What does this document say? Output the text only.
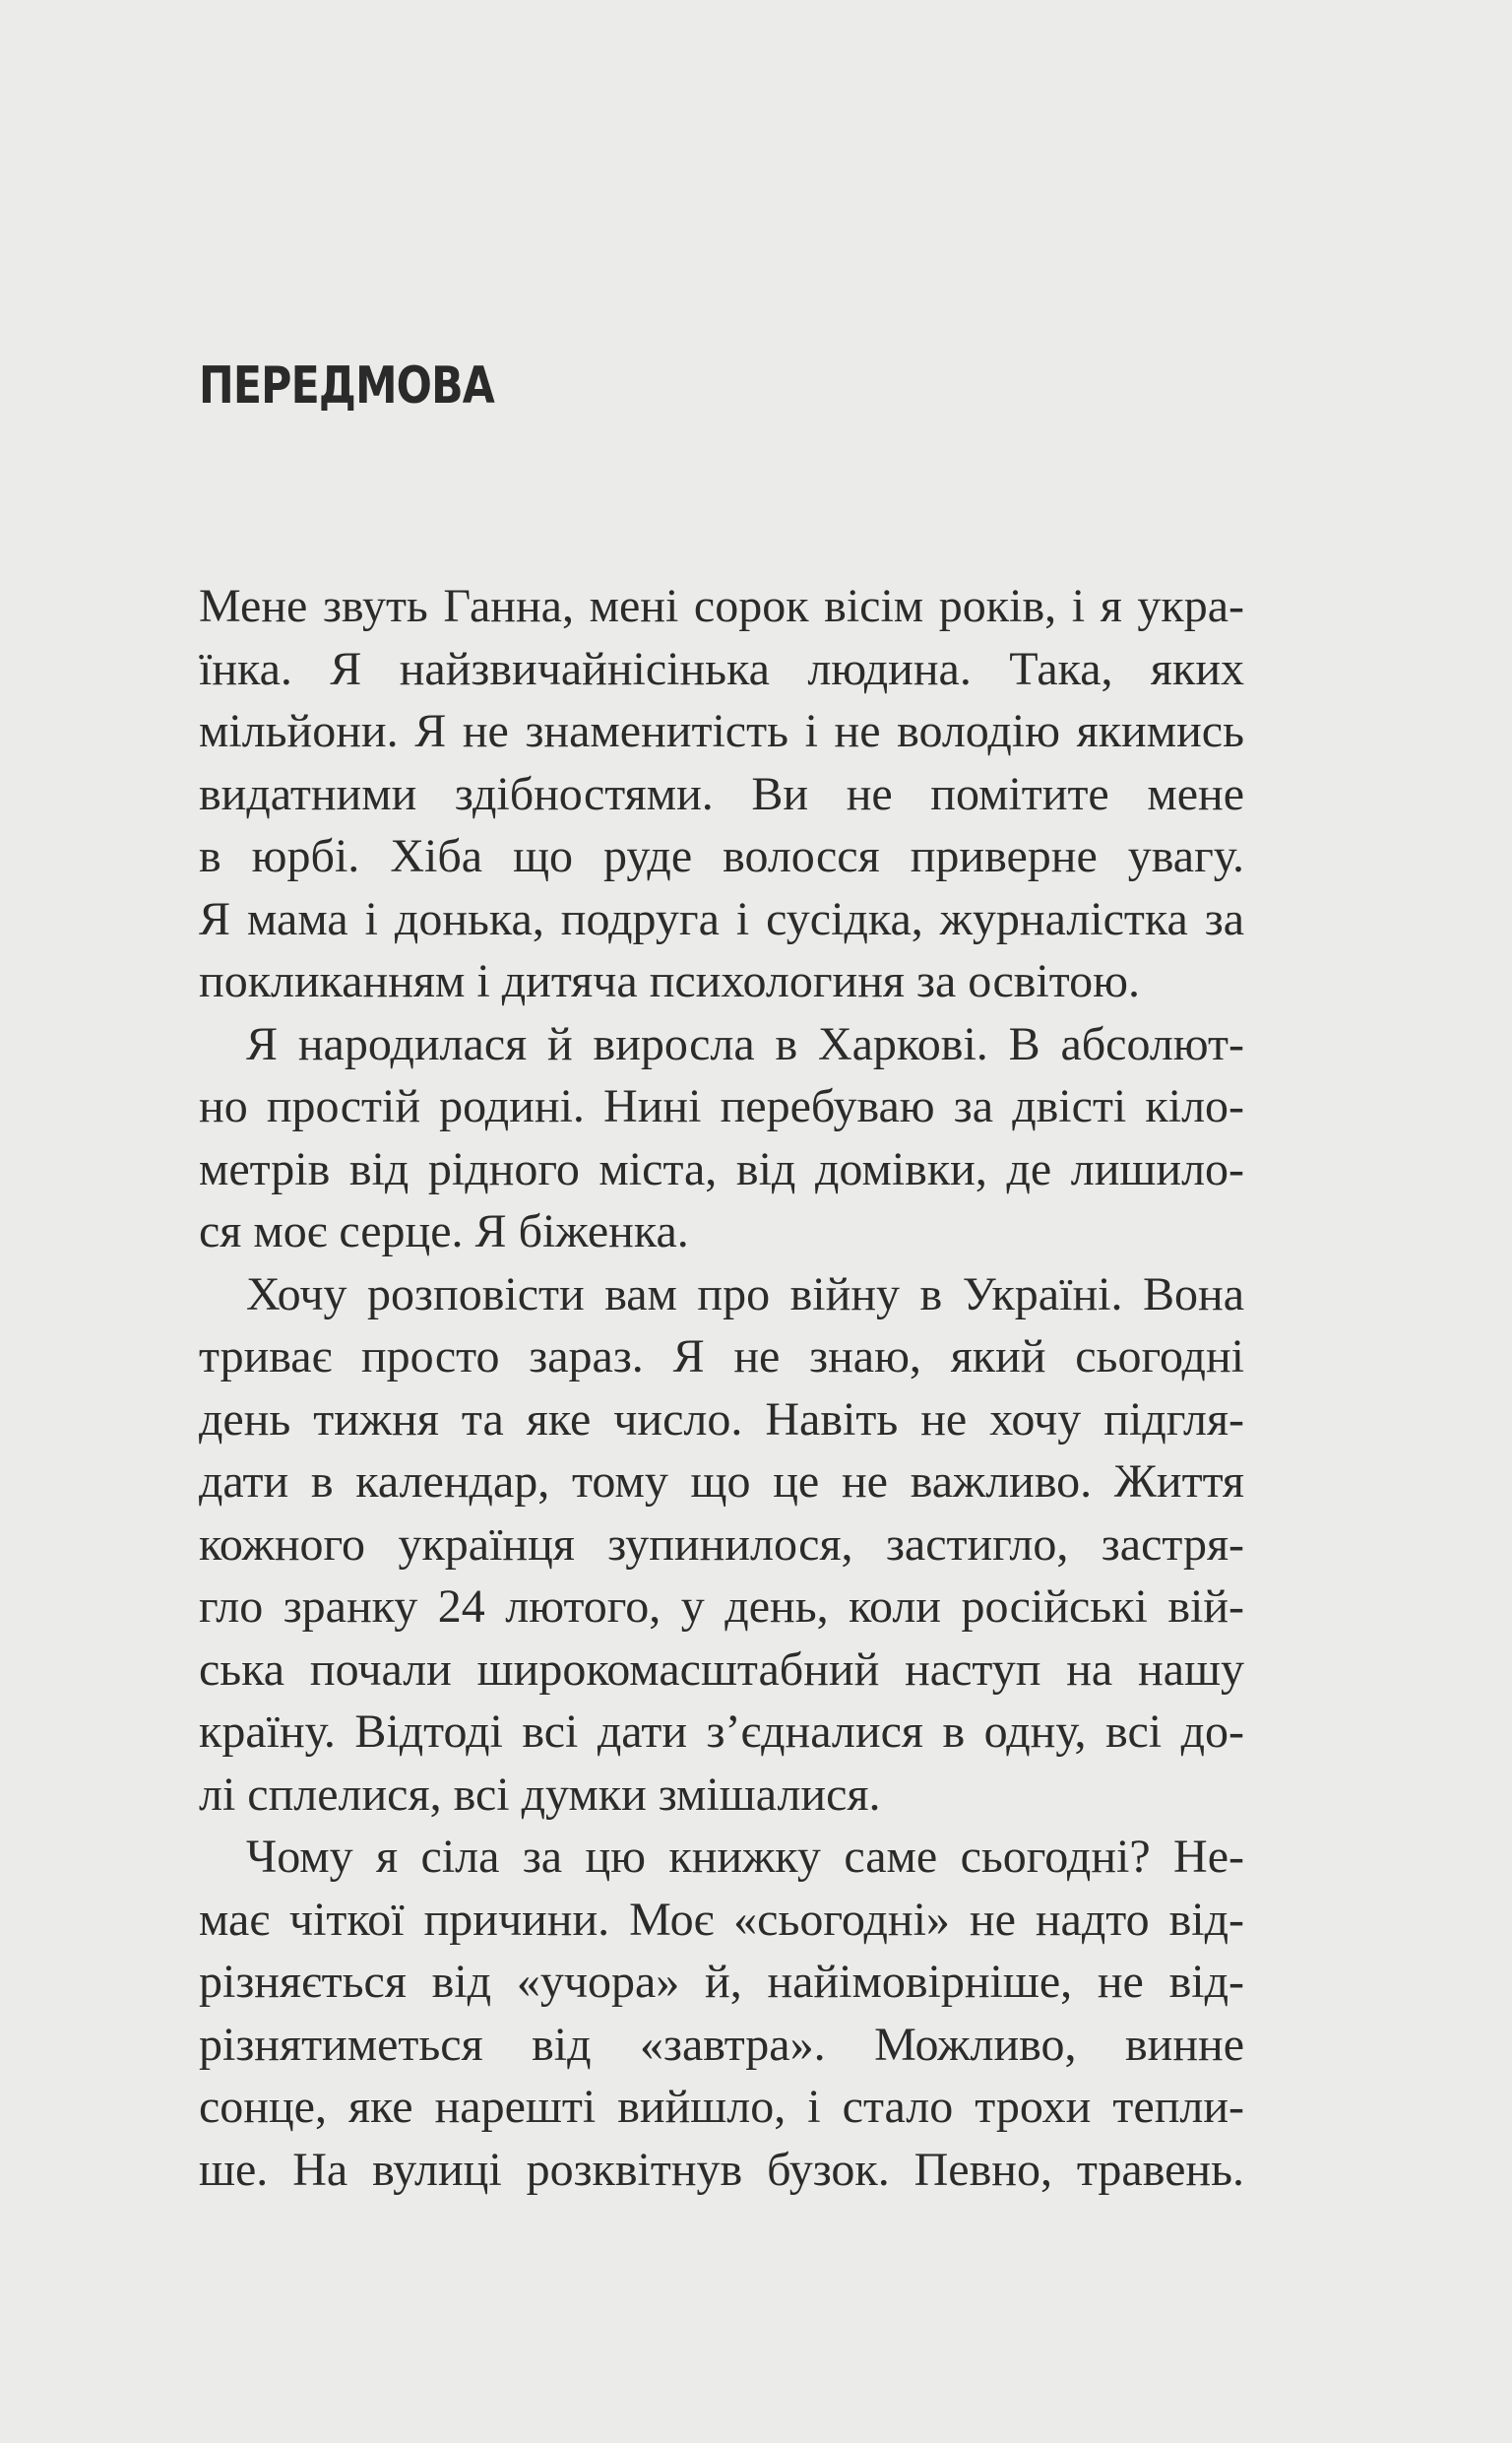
ПЕРЕДМОВА
Мене звуть Ганна, мені сорок вісім років, і я укра-
їнка. Я найзвичайнісінька людина. Така, яких
мільйони. Я не знаменитість і не володію якимись
видатними здібностями. Ви не помітите мене
в юрбі. Хіба що руде волосся приверне увагу.
Я мама і донька, подруга і сусідка, журналістка за
покликанням і дитяча психологиня за освітою.
Я народилася й виросла в Харкові. В абсолют-
но простій родині. Нині перебуваю за двісті кіло-
метрів від рідного міста, від домівки, де лишило-
ся моє серце. Я біженка.
Хочу розповісти вам про війну в Україні. Вона
триває просто зараз. Я не знаю, який сьогодні
день тижня та яке число. Навіть не хочу підгля-
дати в календар, тому що це не важливо. Життя
кожного українця зупинилося, застигло, застря-
гло зранку 24 лютого, у день, коли російські вій-
ська почали широкомасштабний наступ на нашу
країну. Відтоді всі дати з’єдналися в одну, всі до-
лі сплелися, всі думки змішалися.
Чому я сіла за цю книжку саме сьогодні? Не-
має чіткої причини. Моє «сьогодні» не надто від-
різняється від «учора» й, найімовірніше, не від-
різнятиметься від «завтра». Можливо, винне
сонце, яке нарешті вийшло, і стало трохи тепли-
ше. На вулиці розквітнув бузок. Певно, травень.
